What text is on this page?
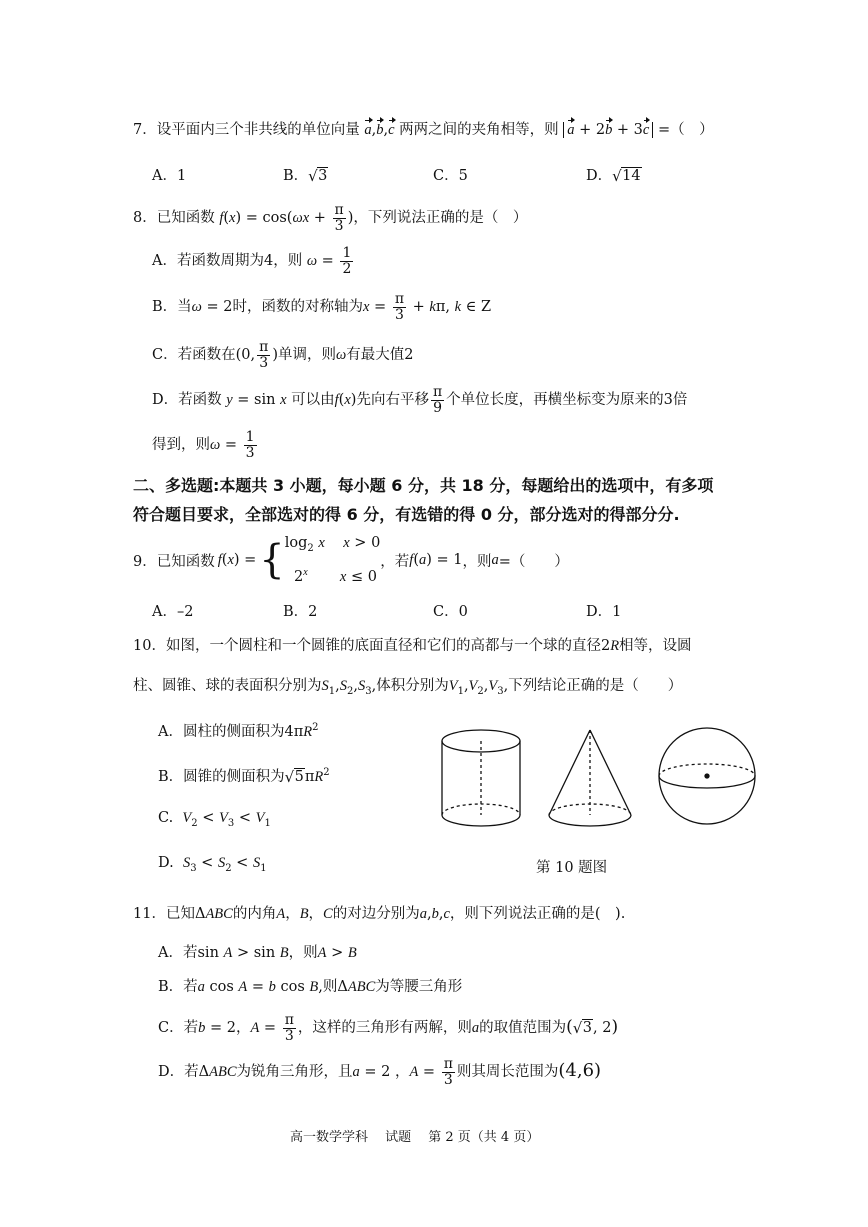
7．设平面内三个非共线的单位向量 a,b,c 两两之间的夹角相等，则 a + 2b + 3c =（　）
A．1	B． √ 3	C．5	D． √ 14
8．已知函数 $f(x) = \cos(\omega x + \frac{\pi}{3}$ )，下列说法正确的是（　）
A．若函数周期为4，则 $\omega = \frac{1}{2}$
B．当ω = 2时，函数的对称轴为$x = \frac{\pi}{3} + k\pi$, k ∈ Z
C．若函数在(0, $\frac{\pi}{3}$ )单调，则ω有最大值2
D．若函数 y = sin x 可以由f(x)先向右平移 $\frac{\pi}{9}$ 个单位长度，再横坐标变为原来的3倍
得到，则$\omega = \frac{1}{3}$
二、多选题:本题共 3 小题，每小题 6 分，共 18 分，每题给出的选项中，有多项
符合题目要求，全部选对的得 6 分，有选错的得 0 分，部分选对的得部分分.
9．已知函数 f ( x ) = { $\log_2 x$ x > 0
2$^x$ x ≤ 0
，若 f ( a ) = 1 ，则 a =（　　）
A．–2	B．2	C．0	D．1
10．如图，一个圆柱和一个圆锥的底面直径和它们的高都与一个球的直径2R相等，设圆
柱、圆锥、球的表面积分别为$S_1,S_2,S_3$,体积分别为$V_1,V_2,V_3$,下列结论正确的是（　　）
A．圆柱的侧面积为$4\pi R^2$
B．圆锥的侧面积为 √ $5\pi R^2$
C. $V_2 < V_3 < V_1$
D. $S_3 < S_2 < S_1$	第 10 题图
11．已知ΔABC的内角A，B，C的对边分别为a,b,c，则下列说法正确的是(　).
A．若sin A > sin B，则A > B
B．若a cos A = b cos B,则ΔABC为等腰三角形
C．若b = 2，$A = \frac{\pi}{3}$ ，这样的三角形有两解，则a的取值范围为( √ 3, 2)
D．若ΔABC为锐角三角形，且a = 2 ，$A = \frac{\pi}{3}$ 则其周长范围为(4,6)
高一数学学科　 试题　 第 2 页（共 4 页）
